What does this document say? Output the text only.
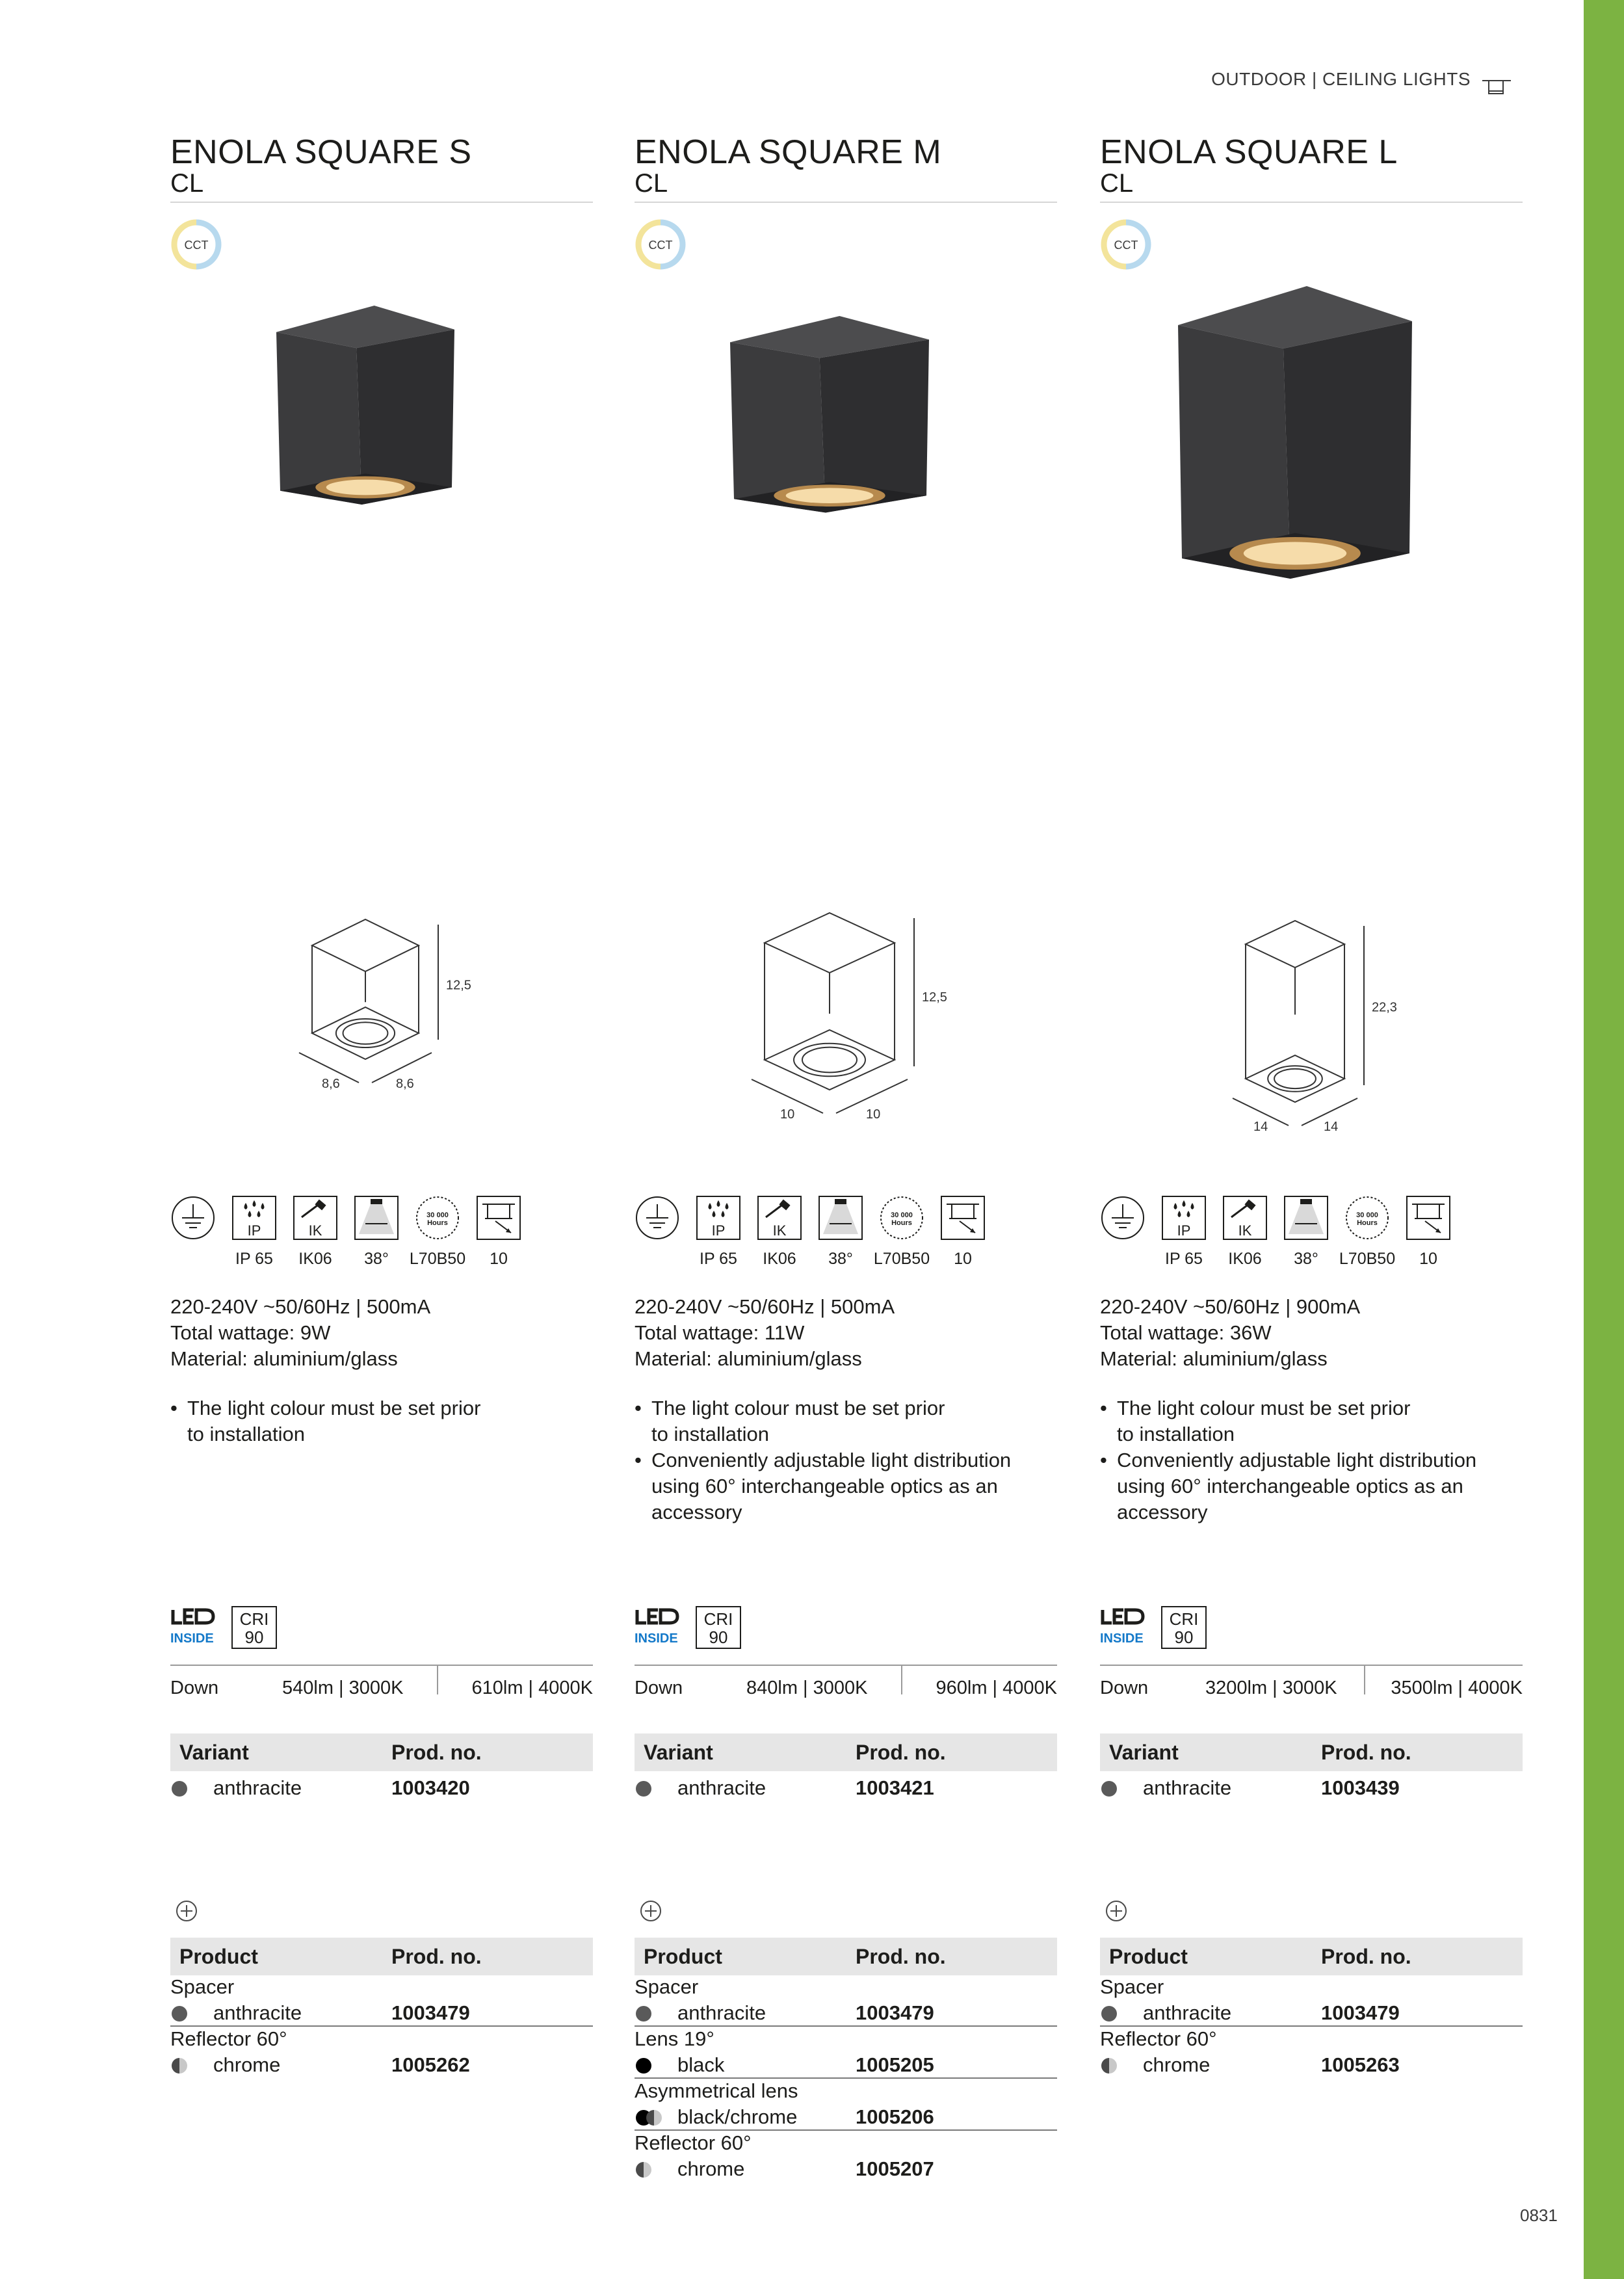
OUTDOOR | CEILING LIGHTS
0831
ENOLA SQUARE S
CL
CCT
12,5
8,6	8,6
IP	IK
30 000
Hours
IP 65 IK06 38° L70B50 10
220-240V ~50/60Hz | 500mA
Total wattage: 9W
Material: aluminium/glass
• The light colour must be set prior
to installation
INSIDE
CRI
90
Down	540lm | 3000K	610lm | 4000K
Variant	Prod. no.
anthracite	1003420
Product	Prod. no.
Spacer
anthracite	1003479
Reflector 60°
chrome	1005262
ENOLA SQUARE M
CL
CCT
12,5
10	10
IP	IK
30 000
Hours
IP 65 IK06 38° L70B50 10
220-240V ~50/60Hz | 500mA
Total wattage: 11W
Material: aluminium/glass
• The light colour must be set prior
to installation
• Conveniently adjustable light distribution
using 60° interchangeable optics as an
accessory
INSIDE
CRI
90
Down	840lm | 3000K	960lm | 4000K
Variant	Prod. no.
anthracite	1003421
Product	Prod. no.
Spacer
anthracite	1003479
Lens 19°
black	1005205
Asymmetrical lens
black/chrome	1005206
Reflector 60°
chrome	1005207
ENOLA SQUARE L
CL
CCT
22,3
14	14
IP	IK
30 000
Hours
IP 65 IK06 38° L70B50 10
220-240V ~50/60Hz | 900mA
Total wattage: 36W
Material: aluminium/glass
• The light colour must be set prior
to installation
• Conveniently adjustable light distribution
using 60° interchangeable optics as an
accessory
INSIDE
CRI
90
Down	3200lm | 3000K	3500lm | 4000K
Variant	Prod. no.
anthracite	1003439
Product	Prod. no.
Spacer
anthracite	1003479
Reflector 60°
chrome	1005263
